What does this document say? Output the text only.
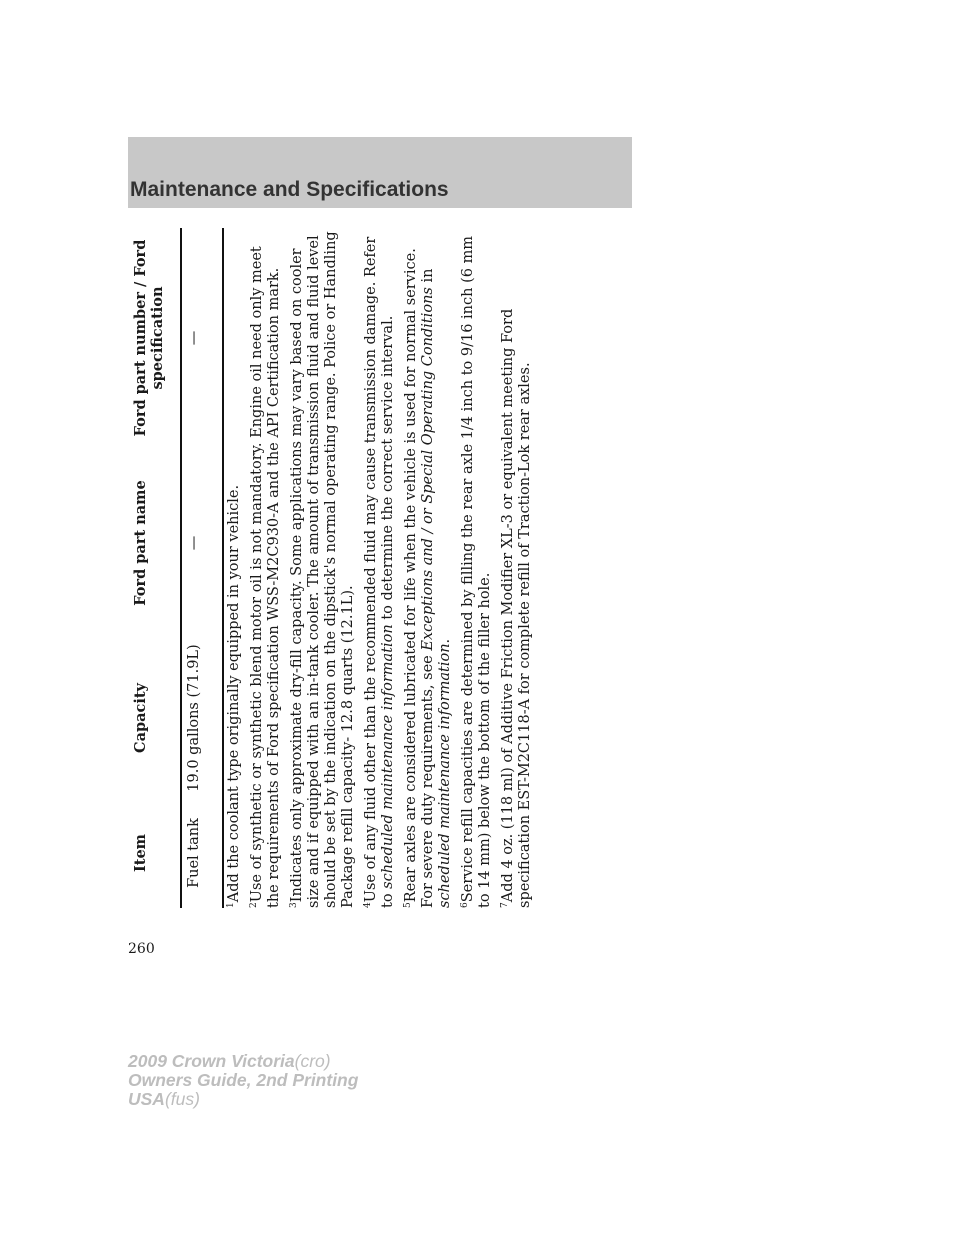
Maintenance and Specifications
Item
Capacity
Ford part name
Ford part number / Ford specification
Fuel tank
19.0 gallons (71.9L)
—
—

$^1$Add the coolant type originally equipped in your vehicle.

$^2$Use of synthetic or synthetic blend motor oil is not mandatory. Engine oil need only meet the requirements of Ford specification WSS-M2C930-A and the API Certification mark. $^3$Indicates only approximate dry-fill capacity. Some applications may vary based on cooler size and if equipped with an in-tank cooler. The amount of transmission fluid and fluid level should be set by the indication on the dipstick's normal operating range. Police or Handling Package refill capacity- 12.8 quarts (12.1L). $^4$Use of any fluid other than the recommended fluid may cause transmission damage. Refer to scheduled maintenance information to determine the correct service interval.

$^5$Rear axles are considered lubricated for life when the vehicle is used for normal service. For severe duty requirements, see Exceptions and / or Special Operating Conditions in scheduled maintenance information.

$^6$Service refill capacities are determined by filling the rear axle 1/4 inch to 9/16 inch (6 mm to 14 mm) below the bottom of the filler hole. $^7$Add 4 oz. (118 ml) of Additive Friction Modifier XL-3 or equivalent meeting Ford specification EST-M2C118-A for complete refill of Traction-Lok rear axles.

260
2009 Crown Victoria(cro)
Owners Guide, 2nd Printing
USA(fus)
